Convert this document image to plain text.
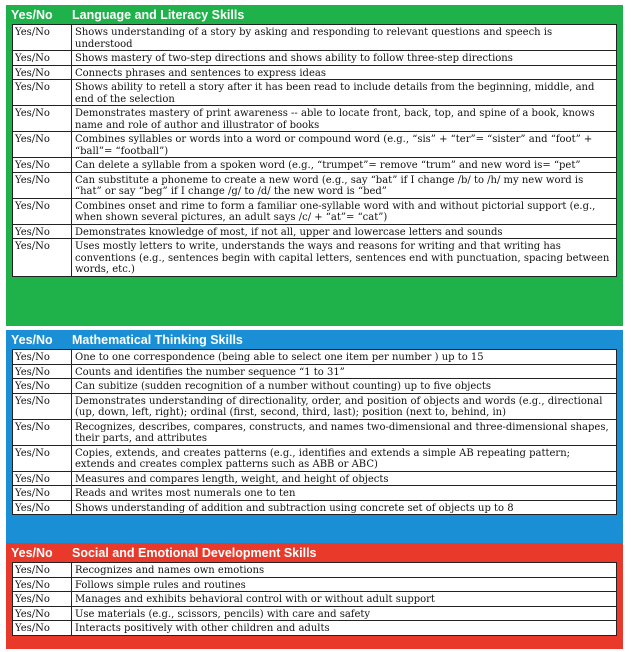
Yes/No Language and Literacy Skills
Yes/No	Shows understanding of a story by asking and responding to relevant questions and speech is understood
Yes/No	Shows mastery of two-step directions and shows ability to follow three-step directions
Yes/No	Connects phrases and sentences to express ideas
Yes/No	Shows ability to retell a story after it has been read to include details from the beginning, middle, and end of the selection
Yes/No	Demonstrates mastery of print awareness -- able to locate front, back, top, and spine of a book, knows name and role of author and illustrator of books
Yes/No	Combines syllables or words into a word or compound word (e.g., “sis” + “ter”= “sister” and “foot” + “ball”= “football”)
Yes/No	Can delete a syllable from a spoken word (e.g., “trumpet”= remove “trum” and new word is= “pet”
Yes/No	Can substitute a phoneme to create a new word (e.g., say “bat” if I change /b/ to /h/ my new word is “hat” or say “beg” if I change /g/ to /d/ the new word is “bed”
Yes/No	Combines onset and rime to form a familiar one-syllable word with and without pictorial support (e.g., when shown several pictures, an adult says /c/ + “at”= “cat”)
Yes/No	Demonstrates knowledge of most, if not all, upper and lowercase letters and sounds
Yes/No	Uses mostly letters to write, understands the ways and reasons for writing and that writing has conventions (e.g., sentences begin with capital letters, sentences end with punctuation, spacing between words, etc.)
Yes/No Mathematical Thinking Skills
Yes/No	One to one correspondence (being able to select one item per number ) up to 15
Yes/No	Counts and identifies the number sequence “1 to 31”
Yes/No	Can subitize (sudden recognition of a number without counting) up to five objects
Yes/No	Demonstrates understanding of directionality, order, and position of objects and words (e.g., directional (up, down, left, right); ordinal (first, second, third, last); position (next to, behind, in)
Yes/No	Recognizes, describes, compares, constructs, and names two-dimensional and three-dimensional shapes, their parts, and attributes
Yes/No	Copies, extends, and creates patterns (e.g., identifies and extends a simple AB repeating pattern; extends and creates complex patterns such as ABB or ABC)
Yes/No	Measures and compares length, weight, and height of objects
Yes/No	Reads and writes most numerals one to ten
Yes/No	Shows understanding of addition and subtraction using concrete set of objects up to 8
Yes/No Social and Emotional Development Skills
Yes/No	Recognizes and names own emotions
Yes/No	Follows simple rules and routines
Yes/No	Manages and exhibits behavioral control with or without adult support
Yes/No	Use materials (e.g., scissors, pencils) with care and safety
Yes/No	Interacts positively with other children and adults
